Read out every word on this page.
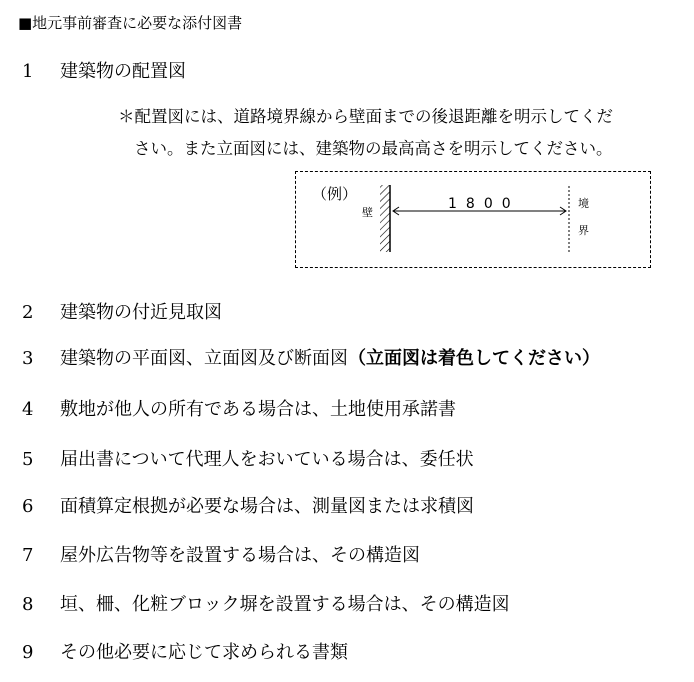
■地元事前審査に必要な添付図書
1 建築物の配置図
＊配置図には、道路境界線から壁面までの後退距離を明示してくだ
さい。また立面図には、建築物の最高高さを明示してください。
（例）
壁
境
界
1800
2 建築物の付近見取図
3 建築物の平面図、立面図及び断面図（立面図は着色してください）
4 敷地が他人の所有である場合は、土地使用承諾書
5 届出書について代理人をおいている場合は、委任状
6 面積算定根拠が必要な場合は、測量図または求積図
7 屋外広告物等を設置する場合は、その構造図
8 垣、柵、化粧ブロック塀を設置する場合は、その構造図
9 その他必要に応じて求められる書類
